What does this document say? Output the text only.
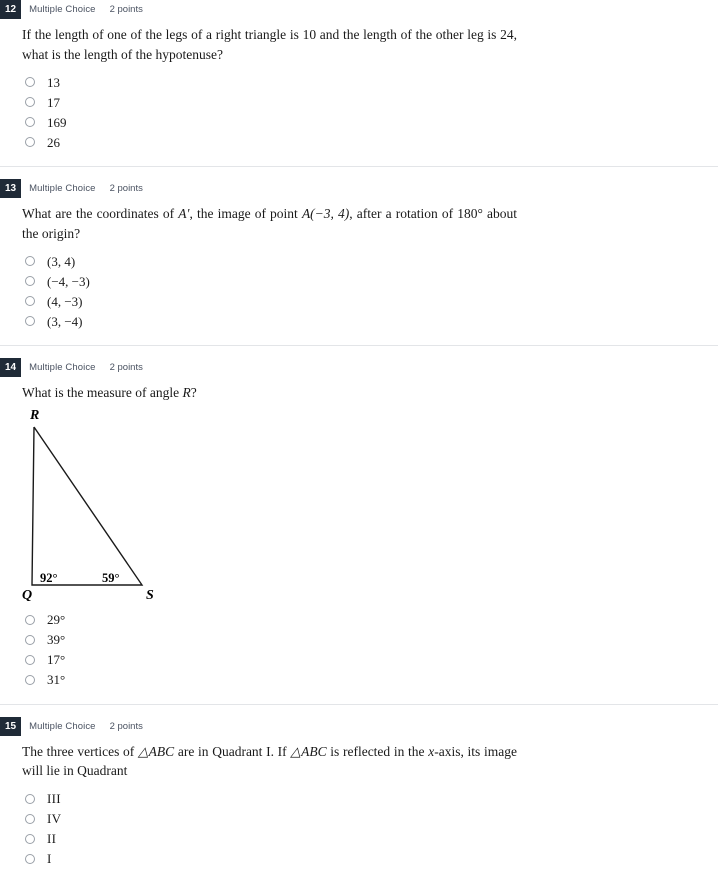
12	Multiple Choice 2 points

If the length of one of the legs of a right triangle is 10 and the length of the other leg is 24, what is the length of the hypotenuse?

13
17
169
26
13	Multiple Choice 2 points

What are the coordinates of A′, the image of point A(−3, 4), after a rotation of 180° about the origin?

(3, 4)
(−4, −3)
(4, −3)
(3, −4)
14	Multiple Choice 2 points

What is the measure of angle R?

R
Q	S
92°	59°
29°
39°
17°
31°
15	Multiple Choice 2 points

The three vertices of △ABC are in Quadrant I. If △ABC is reflected in the x-axis, its image will lie in Quadrant

III
IV
II
I
